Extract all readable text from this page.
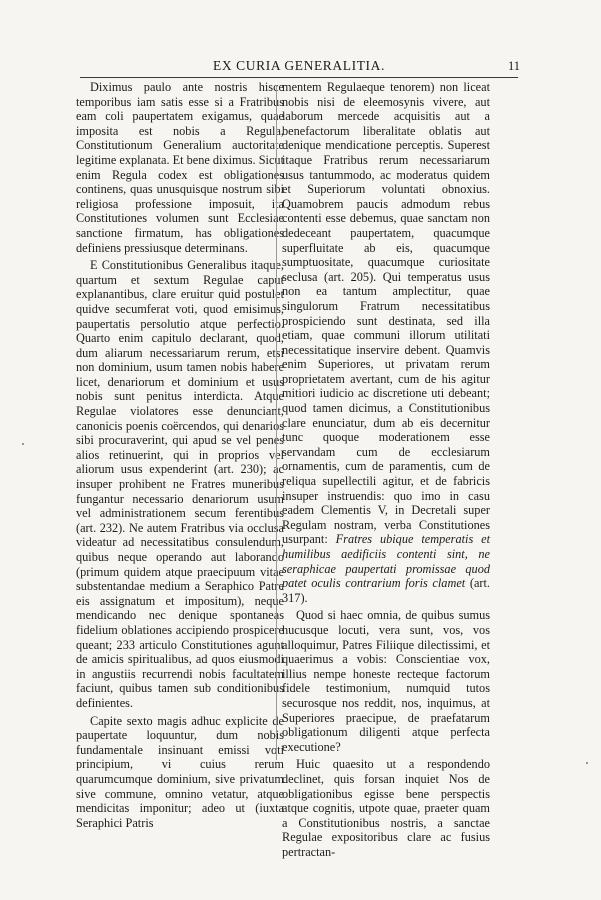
EX CURIA GENERALITIA.	11

Diximus paulo ante nostris hisce temporibus iam satis esse si a Fratribus eam coli paupertatem exigamus, quae imposita est nobis a Regula, Constitutionum Generalium auctoritate legitime explanata. Et bene diximus. Sicut enim Regula codex est obligationes continens, quas unusquisque nostrum sibi religiosa professione imposuit, ita Constitutiones volumen sunt Ecclesiae sanctione firmatum, has obligationes definiens pressiusque determinans.

E Constitutionibus Generalibus itaque, quartum et sextum Regulae caput explanantibus, clare eruitur quid postulet quidve secumferat voti, quod emisimus, paupertatis persolutio atque perfectio. Quarto enim capitulo declarant, quod, dum aliarum necessariarum rerum, etsi non dominium, usum tamen nobis habere licet, denariorum et dominium et usus nobis sunt penitus interdicta. Atque Regulae violatores esse denunciant, canonicis poenis coërcendos, qui denarios sibi procuraverint, qui apud se vel penes alios retinuerint, qui in proprios vel aliorum usus expenderint (art. 230); ac insuper prohibent ne Fratres muneribus fungantur necessario denariorum usum vel administrationem secum ferentibus (art. 232). Ne autem Fratribus via occlusa videatur ad necessitatibus consulendum, quibus neque operando aut laborando (primum quidem atque praecipuum vitae substentandae medium a Seraphico Patre eis assignatum et impositum), neque mendicando nec denique spontaneas fidelium oblationes accipiendo prospicere queant; 233 articulo Constitutiones agunt de amicis spiritualibus, ad quos eiusmodi in angustiis recurrendi nobis facultatem faciunt, quibus tamen sub conditionibus definientes.

Capite sexto magis adhuc explicite de paupertate loquuntur, dum nobis fundamentale insinuant emissi voti principium, vi cuius rerum quarumcumque dominium, sive privatum sive commune, omnino vetatur, atque mendicitas imponitur; adeo ut (iuxta Seraphici Patris

mentem Regulaeque tenorem) non liceat nobis nisi de eleemosynis vivere, aut laborum mercede acquisitis aut a benefactorum liberalitate oblatis aut denique mendicatione perceptis. Superest itaque Fratribus rerum necessariarum usus tantummodo, ac moderatus quidem et Superiorum voluntati obnoxius. Quamobrem paucis admodum rebus contenti esse debemus, quae sanctam non dedeceant paupertatem, quacumque superfluitate ab eis, quacumque sumptuositate, quacumque curiositate seclusa (art. 205). Qui temperatus usus non ea tantum amplectitur, quae singulorum Fratrum necessitatibus prospiciendo sunt destinata, sed illa etiam, quae communi illorum utilitati necessitatique inservire debent. Quamvis enim Superiores, ut privatam rerum proprietatem avertant, cum de his agitur mitiori iudicio ac discretione uti debeant; quod tamen dicimus, a Constitutionibus clare enunciatur, dum ab eis decernitur tunc quoque moderationem esse servandam cum de ecclesiarum ornamentis, cum de paramentis, cum de reliqua supellectili agitur, et de fabricis insuper instruendis: quo imo in casu eadem Clementis V, in Decretali super Regulam nostram, verba Constitutiones usurpant: Fratres ubique temperatis et humilibus aedificiis contenti sint, ne seraphicae paupertati promissae quod patet oculis contrarium foris clamet (art. 317).

Quod si haec omnia, de quibus sumus hucusque locuti, vera sunt, vos, vos alloquimur, Patres Filiique dilectissimi, et quaerimus a vobis: Conscientiae vox, illius nempe honeste recteque factorum fidele testimonium, numquid tutos securosque nos reddit, nos, inquimus, at Superiores praecipue, de praefatarum obligationum diligenti atque perfecta executione?

Huic quaesito ut a respondendo declinet, quis forsan inquiet Nos de obligationibus egisse bene perspectis atque cognitis, utpote quae, praeter quam a Constitutionibus nostris, a sanctae Regulae expositoribus clare ac fusius pertractan-
